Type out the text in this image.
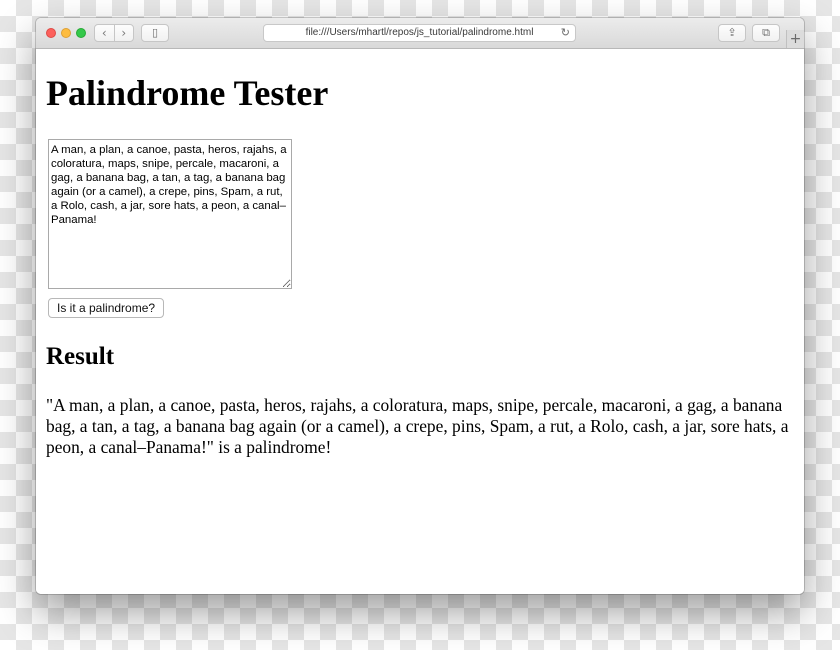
‹	›	▯	file:///Users/mhartl/repos/js_tutorial/palindrome.html	↻	⇪	⧉	+
Palindrome Tester
A man, a plan, a canoe, pasta, heros, rajahs, a coloratura, maps, snipe, percale, macaroni, a gag, a banana bag, a tan, a tag, a banana bag again (or a camel), a crepe, pins, Spam, a rut, a Rolo, cash, a jar, sore hats, a peon, a canal–Panama!
Is it a palindrome?
Result

"A man, a plan, a canoe, pasta, heros, rajahs, a coloratura, maps, snipe, percale, macaroni, a gag, a banana bag, a tan, a tag, a banana bag again (or a camel), a crepe, pins, Spam, a rut, a Rolo, cash, a jar, sore hats, a peon, a canal–Panama!" is a palindrome!
